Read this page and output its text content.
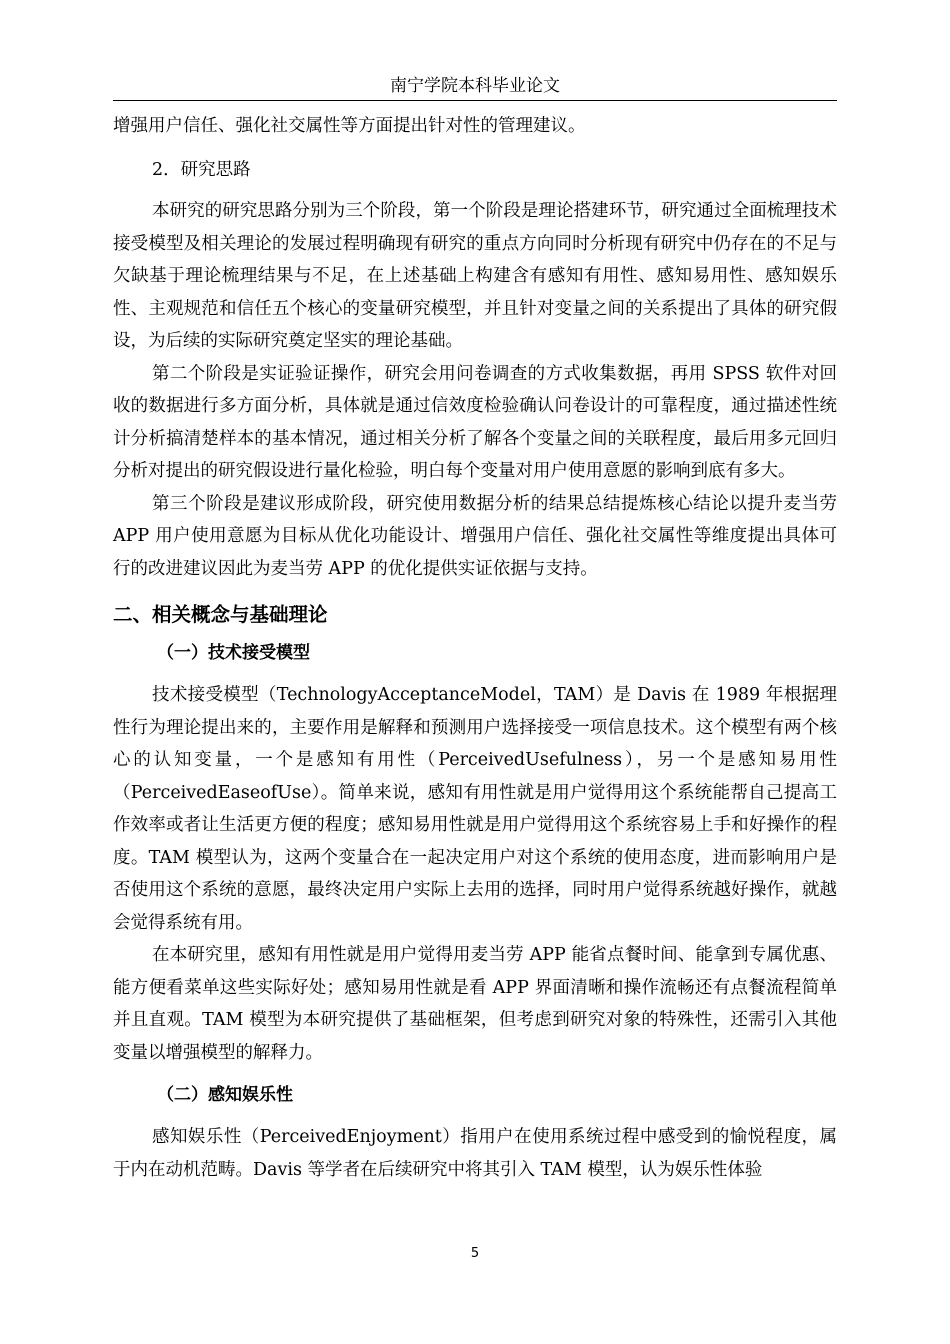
南宁学院本科毕业论文

增强用户信任、强化社交属性等方面提出针对性的管理建议。

2．研究思路

本研究的研究思路分别为三个阶段，第一个阶段是理论搭建环节，研究通过全面梳理技术接受模型及相关理论的发展过程明确现有研究的重点方向同时分析现有研究中仍存在的不足与欠缺基于理论梳理结果与不足，在上述基础上构建含有感知有用性、感知易用性、感知娱乐性、主观规范和信任五个核心的变量研究模型，并且针对变量之间的关系提出了具体的研究假设，为后续的实际研究奠定坚实的理论基础。

第二个阶段是实证验证操作，研究会用问卷调查的方式收集数据，再用 SPSS 软件对回收的数据进行多方面分析，具体就是通过信效度检验确认问卷设计的可靠程度，通过描述性统计分析搞清楚样本的基本情况，通过相关分析了解各个变量之间的关联程度，最后用多元回归分析对提出的研究假设进行量化检验，明白每个变量对用户使用意愿的影响到底有多大。

第三个阶段是建议形成阶段，研究使用数据分析的结果总结提炼核心结论以提升麦当劳 APP 用户使用意愿为目标从优化功能设计、增强用户信任、强化社交属性等维度提出具体可行的改进建议因此为麦当劳 APP 的优化提供实证依据与支持。

二、相关概念与基础理论
（一）技术接受模型

技术接受模型（TechnologyAcceptanceModel，TAM）是 Davis 在 1989 年根据理性行为理论提出来的，主要作用是解释和预测用户选择接受一项信息技术。这个模型有两个核心的认知变量，一个是感知有用性（PerceivedUsefulness），另一个是感知易用性（PerceivedEaseofUse）。简单来说，感知有用性就是用户觉得用这个系统能帮自己提高工作效率或者让生活更方便的程度；感知易用性就是用户觉得用这个系统容易上手和好操作的程度。TAM 模型认为，这两个变量合在一起决定用户对这个系统的使用态度，进而影响用户是否使用这个系统的意愿，最终决定用户实际上去用的选择，同时用户觉得系统越好操作，就越会觉得系统有用。

在本研究里，感知有用性就是用户觉得用麦当劳 APP 能省点餐时间、能拿到专属优惠、能方便看菜单这些实际好处；感知易用性就是看 APP 界面清晰和操作流畅还有点餐流程简单并且直观。TAM 模型为本研究提供了基础框架，但考虑到研究对象的特殊性，还需引入其他变量以增强模型的解释力。

（二）感知娱乐性

感知娱乐性（PerceivedEnjoyment）指用户在使用系统过程中感受到的愉悦程度，属于内在动机范畴。Davis 等学者在后续研究中将其引入 TAM 模型，认为娱乐性体验

5
